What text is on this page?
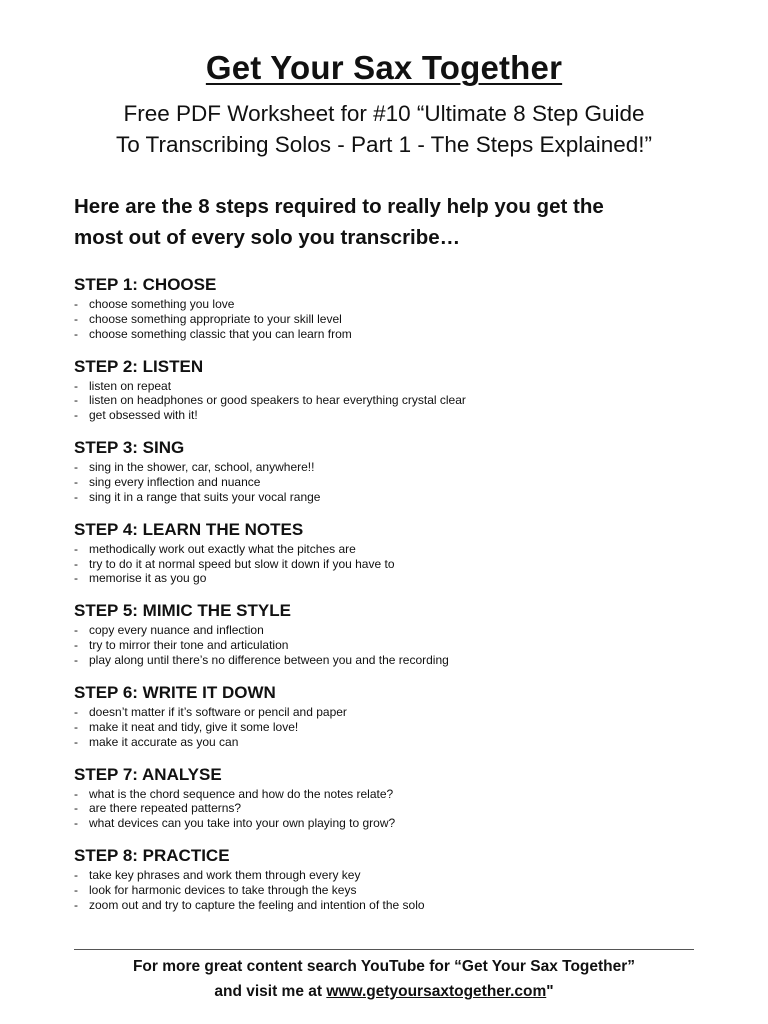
Get Your Sax Together
Free PDF Worksheet for #10 “Ultimate 8 Step Guide
To Transcribing Solos - Part 1 - The Steps Explained!”
Here are the 8 steps required to really help you get the
most out of every solo you transcribe…
STEP 1: CHOOSE
- choose something you love
- choose something appropriate to your skill level
- choose something classic that you can learn from
STEP 2: LISTEN
- listen on repeat
- listen on headphones or good speakers to hear everything crystal clear
- get obsessed with it!
STEP 3: SING
- sing in the shower, car, school, anywhere!!
- sing every inflection and nuance
- sing it in a range that suits your vocal range
STEP 4: LEARN THE NOTES
- methodically work out exactly what the pitches are
- try to do it at normal speed but slow it down if you have to
- memorise it as you go
STEP 5: MIMIC THE STYLE
- copy every nuance and inflection
- try to mirror their tone and articulation
- play along until there’s no difference between you and the recording
STEP 6: WRITE IT DOWN
- doesn’t matter if it’s software or pencil and paper
- make it neat and tidy, give it some love!
- make it accurate as you can
STEP 7: ANALYSE
- what is the chord sequence and how do the notes relate?
- are there repeated patterns?
- what devices can you take into your own playing to grow?
STEP 8: PRACTICE
- take key phrases and work them through every key
- look for harmonic devices to take through the keys
- zoom out and try to capture the feeling and intention of the solo
For more great content search YouTube for “Get Your Sax Together”
and visit me at www.getyoursaxtogether.com"
